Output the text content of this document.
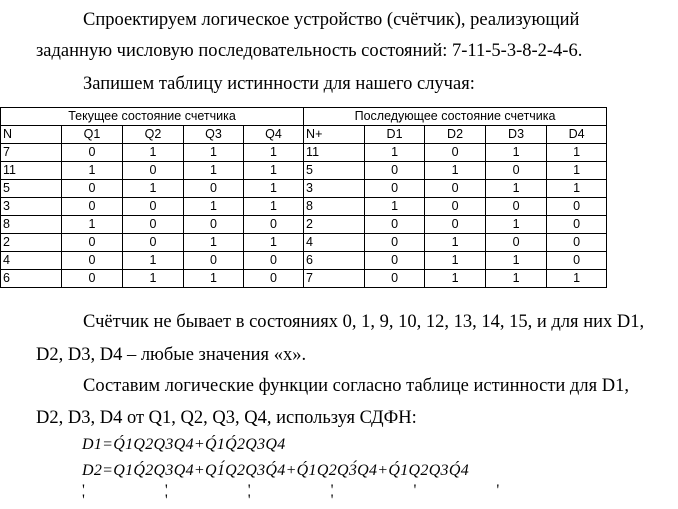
Спроектируем логическое устройство (счётчик), реализующий
заданную числовую последовательность состояний: 7-11-5-3-8-2-4-6.
Запишем таблицу истинности для нашего случая:
Текущее состояние счетчика					Последующее состояние счетчика				
N	Q1	Q2	Q3	Q4	N+	D1	D2	D3	D4
7	0	1	1	1	11	1	0	1	1
11	1	0	1	1	5	0	1	0	1
5	0	1	0	1	3	0	0	1	1
3	0	0	1	1	8	1	0	0	0
8	1	0	0	0	2	0	0	1	0
2	0	0	1	1	4	0	1	0	0
4	0	1	0	0	6	0	1	1	0
6	0	1	1	0	7	0	1	1	1
Счётчик не бывает в состояниях 0, 1, 9, 10, 12, 13, 14, 15, и для них D1,
D2, D3, D4 – любые значения «x».
Составим логические функции согласно таблице истинности для D1,
D2, D3, D4 от Q1, Q2, Q3, Q4, используя СДФН:
D1=Q́1Q2Q3Q4+Q́1Q́2Q3Q4
D2=Q1Q́2Q3Q4+Q1́Q2Q3Q́4+Q́1Q2Q3́Q4+Q́1Q2Q3Q́4
' ' ' ' ' ' ' ' ' '
